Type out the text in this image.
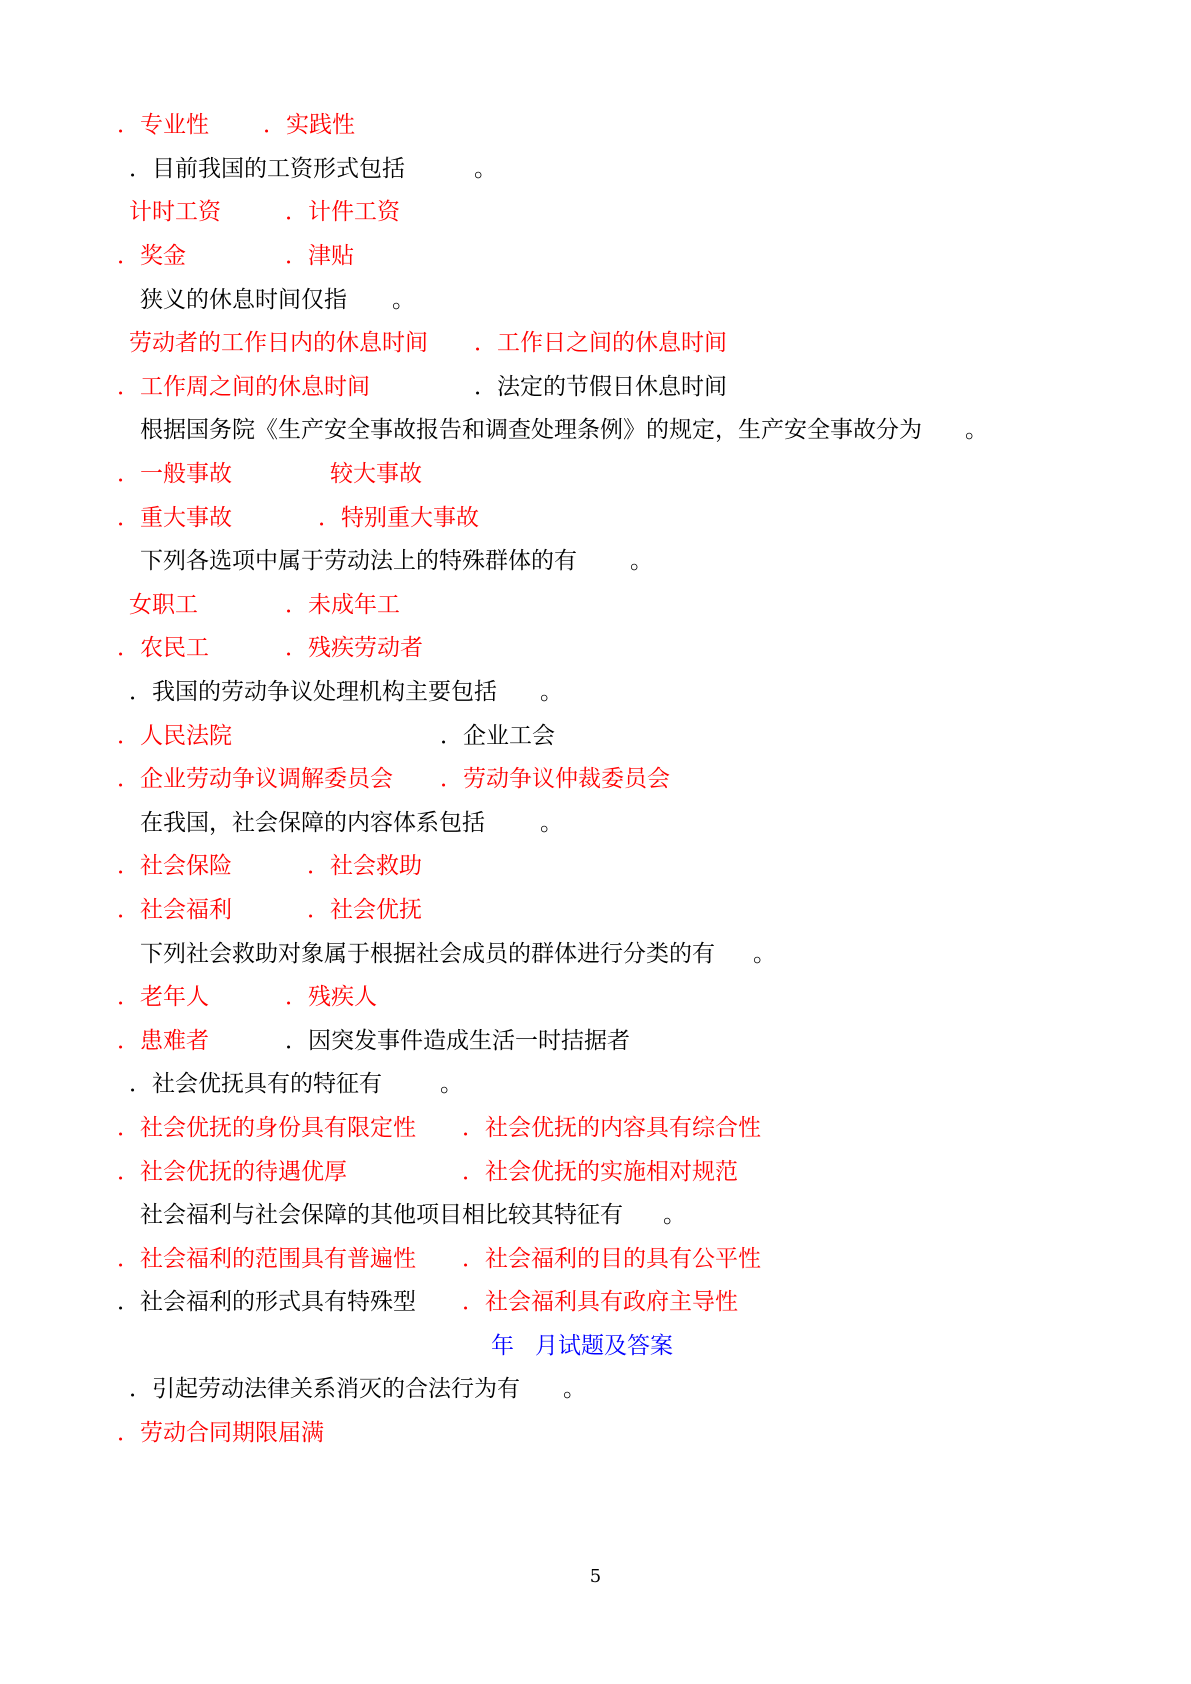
．专业性 ．实践性
．目前我国的工资形式包括	。
计时工资	．计件工资
．奖金	．津贴
狭义的休息时间仅指 。
劳动者的工作日内的休息时间 ．工作日之间的休息时间
．工作周之间的休息时间	．法定的节假日休息时间
根据国务院《生产安全事故报告和调查处理条例》的规定，生产安全事故分为 。
．一般事故	较大事故
．重大事故	．特别重大事故
下列各选项中属于劳动法上的特殊群体的有 。
女职工	．未成年工
．农民工	．残疾劳动者
．我国的劳动争议处理机构主要包括 。
．人民法院	．企业工会
．企业劳动争议调解委员会 ．劳动争议仲裁委员会
在我国，社会保障的内容体系包括 。
．社会保险	．社会救助
．社会福利	．社会优抚
下列社会救助对象属于根据社会成员的群体进行分类的有 。
．老年人	．残疾人
．患难者	．因突发事件造成生活一时拮据者
．社会优抚具有的特征有	。
．社会优抚的身份具有限定性 ．社会优抚的内容具有综合性
．社会优抚的待遇优厚	．社会优抚的实施相对规范
社会福利与社会保障的其他项目相比较其特征有 。
．社会福利的范围具有普遍性 ．社会福利的目的具有公平性
．社会福利的形式具有特殊型 ．社会福利具有政府主导性
年 月试题及答案
．引起劳动法律关系消灭的合法行为有 。
．劳动合同期限届满
5
